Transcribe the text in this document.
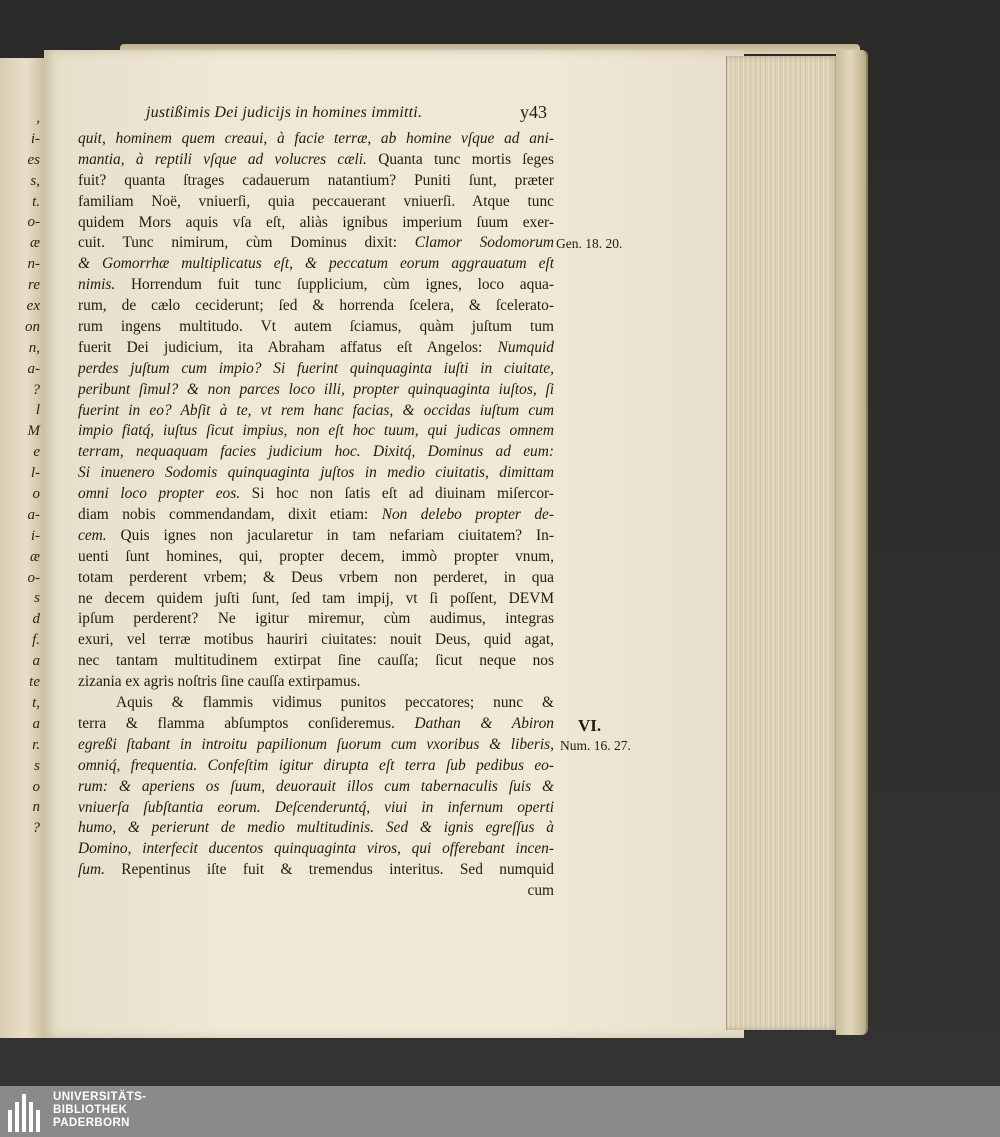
,
i-
es
s,
t.
o-
æ
n-
re
ex
on
n,
a-
?
l
M
e
l-
o
a-
i-
æ
o-
s
d
f.
a
te
t,
a
r.
s
o
n
?

justißimis Dei judicijs in homines immitti.	y43
quit, hominem quem creaui, à facie terræ, ab homine vſque ad ani-
mantia, à reptili vſque ad volucres cæli. Quanta tunc mortis ſeges
fuit? quanta ſtrages cadauerum natantium? Puniti ſunt, præter
familiam Noë, vniuerſi, quia peccauerant vniuerſi. Atque tunc
quidem Mors aquis vſa eſt, aliàs ignibus imperium ſuum exer-
cuit. Tunc nimirum, cùm Dominus dixit: Clamor Sodomorum
& Gomorrhæ multiplicatus eſt, & peccatum eorum aggrauatum eſt
nimis. Horrendum fuit tunc ſupplicium, cùm ignes, loco aqua-
rum, de cælo ceciderunt; ſed & horrenda ſcelera, & ſcelerato-
rum ingens multitudo. Vt autem ſciamus, quàm juſtum tum
fuerit Dei judicium, ita Abraham affatus eſt Angelos: Numquid
perdes juſtum cum impio? Si fuerint quinquaginta iuſti in ciuitate,
peribunt ſimul? & non parces loco illi, propter quinquaginta iuſtos, ſi
fuerint in eo? Abſit à te, vt rem hanc facias, & occidas iuſtum cum
impio fiatq́, iuſtus ſicut impius, non eſt hoc tuum, qui judicas omnem
terram, nequaquam facies judicium hoc. Dixitq́, Dominus ad eum:
Si inuenero Sodomis quinquaginta juſtos in medio ciuitatis, dimittam
omni loco propter eos. Si hoc non ſatis eſt ad diuinam miſercor-
diam nobis commendandam, dixit etiam: Non delebo propter de-
cem. Quis ignes non jacularetur in tam nefariam ciuitatem? In-
uenti ſunt homines, qui, propter decem, immò propter vnum,
totam perderent vrbem; & Deus vrbem non perderet, in qua
ne decem quidem juſti ſunt, ſed tam impij, vt ſi poſſent, DEVM
ipſum perderent? Ne igitur miremur, cùm audimus, integras
exuri, vel terræ motibus hauriri ciuitates: nouit Deus, quid agat,
nec tantam multitudinem extirpat ſine cauſſa; ſicut neque nos
zizania ex agris noſtris ſine cauſſa extirpamus.
Aquis & flammis vidimus punitos peccatores; nunc &
terra & flamma abſumptos conſideremus. Dathan & Abiron
egreßi ſtabant in introitu papilionum ſuorum cum vxoribus & liberis,
omniq́, frequentia. Confeſtim igitur dirupta eſt terra ſub pedibus eo-
rum: & aperiens os ſuum, deuorauit illos cum tabernaculis ſuis &
vniuerſa ſubſtantia eorum. Deſcenderuntq́, viui in infernum operti
humo, & perierunt de medio multitudinis. Sed & ignis egreſſus à
Domino, interfecit ducentos quinquaginta viros, qui offerebant incen-
ſum. Repentinus iſte fuit & tremendus interitus. Sed numquid
cum
Gen. 18. 20.
VI.
Num. 16. 27.
UNIVERSITÄTS-
BIBLIOTHEK
PADERBORN
